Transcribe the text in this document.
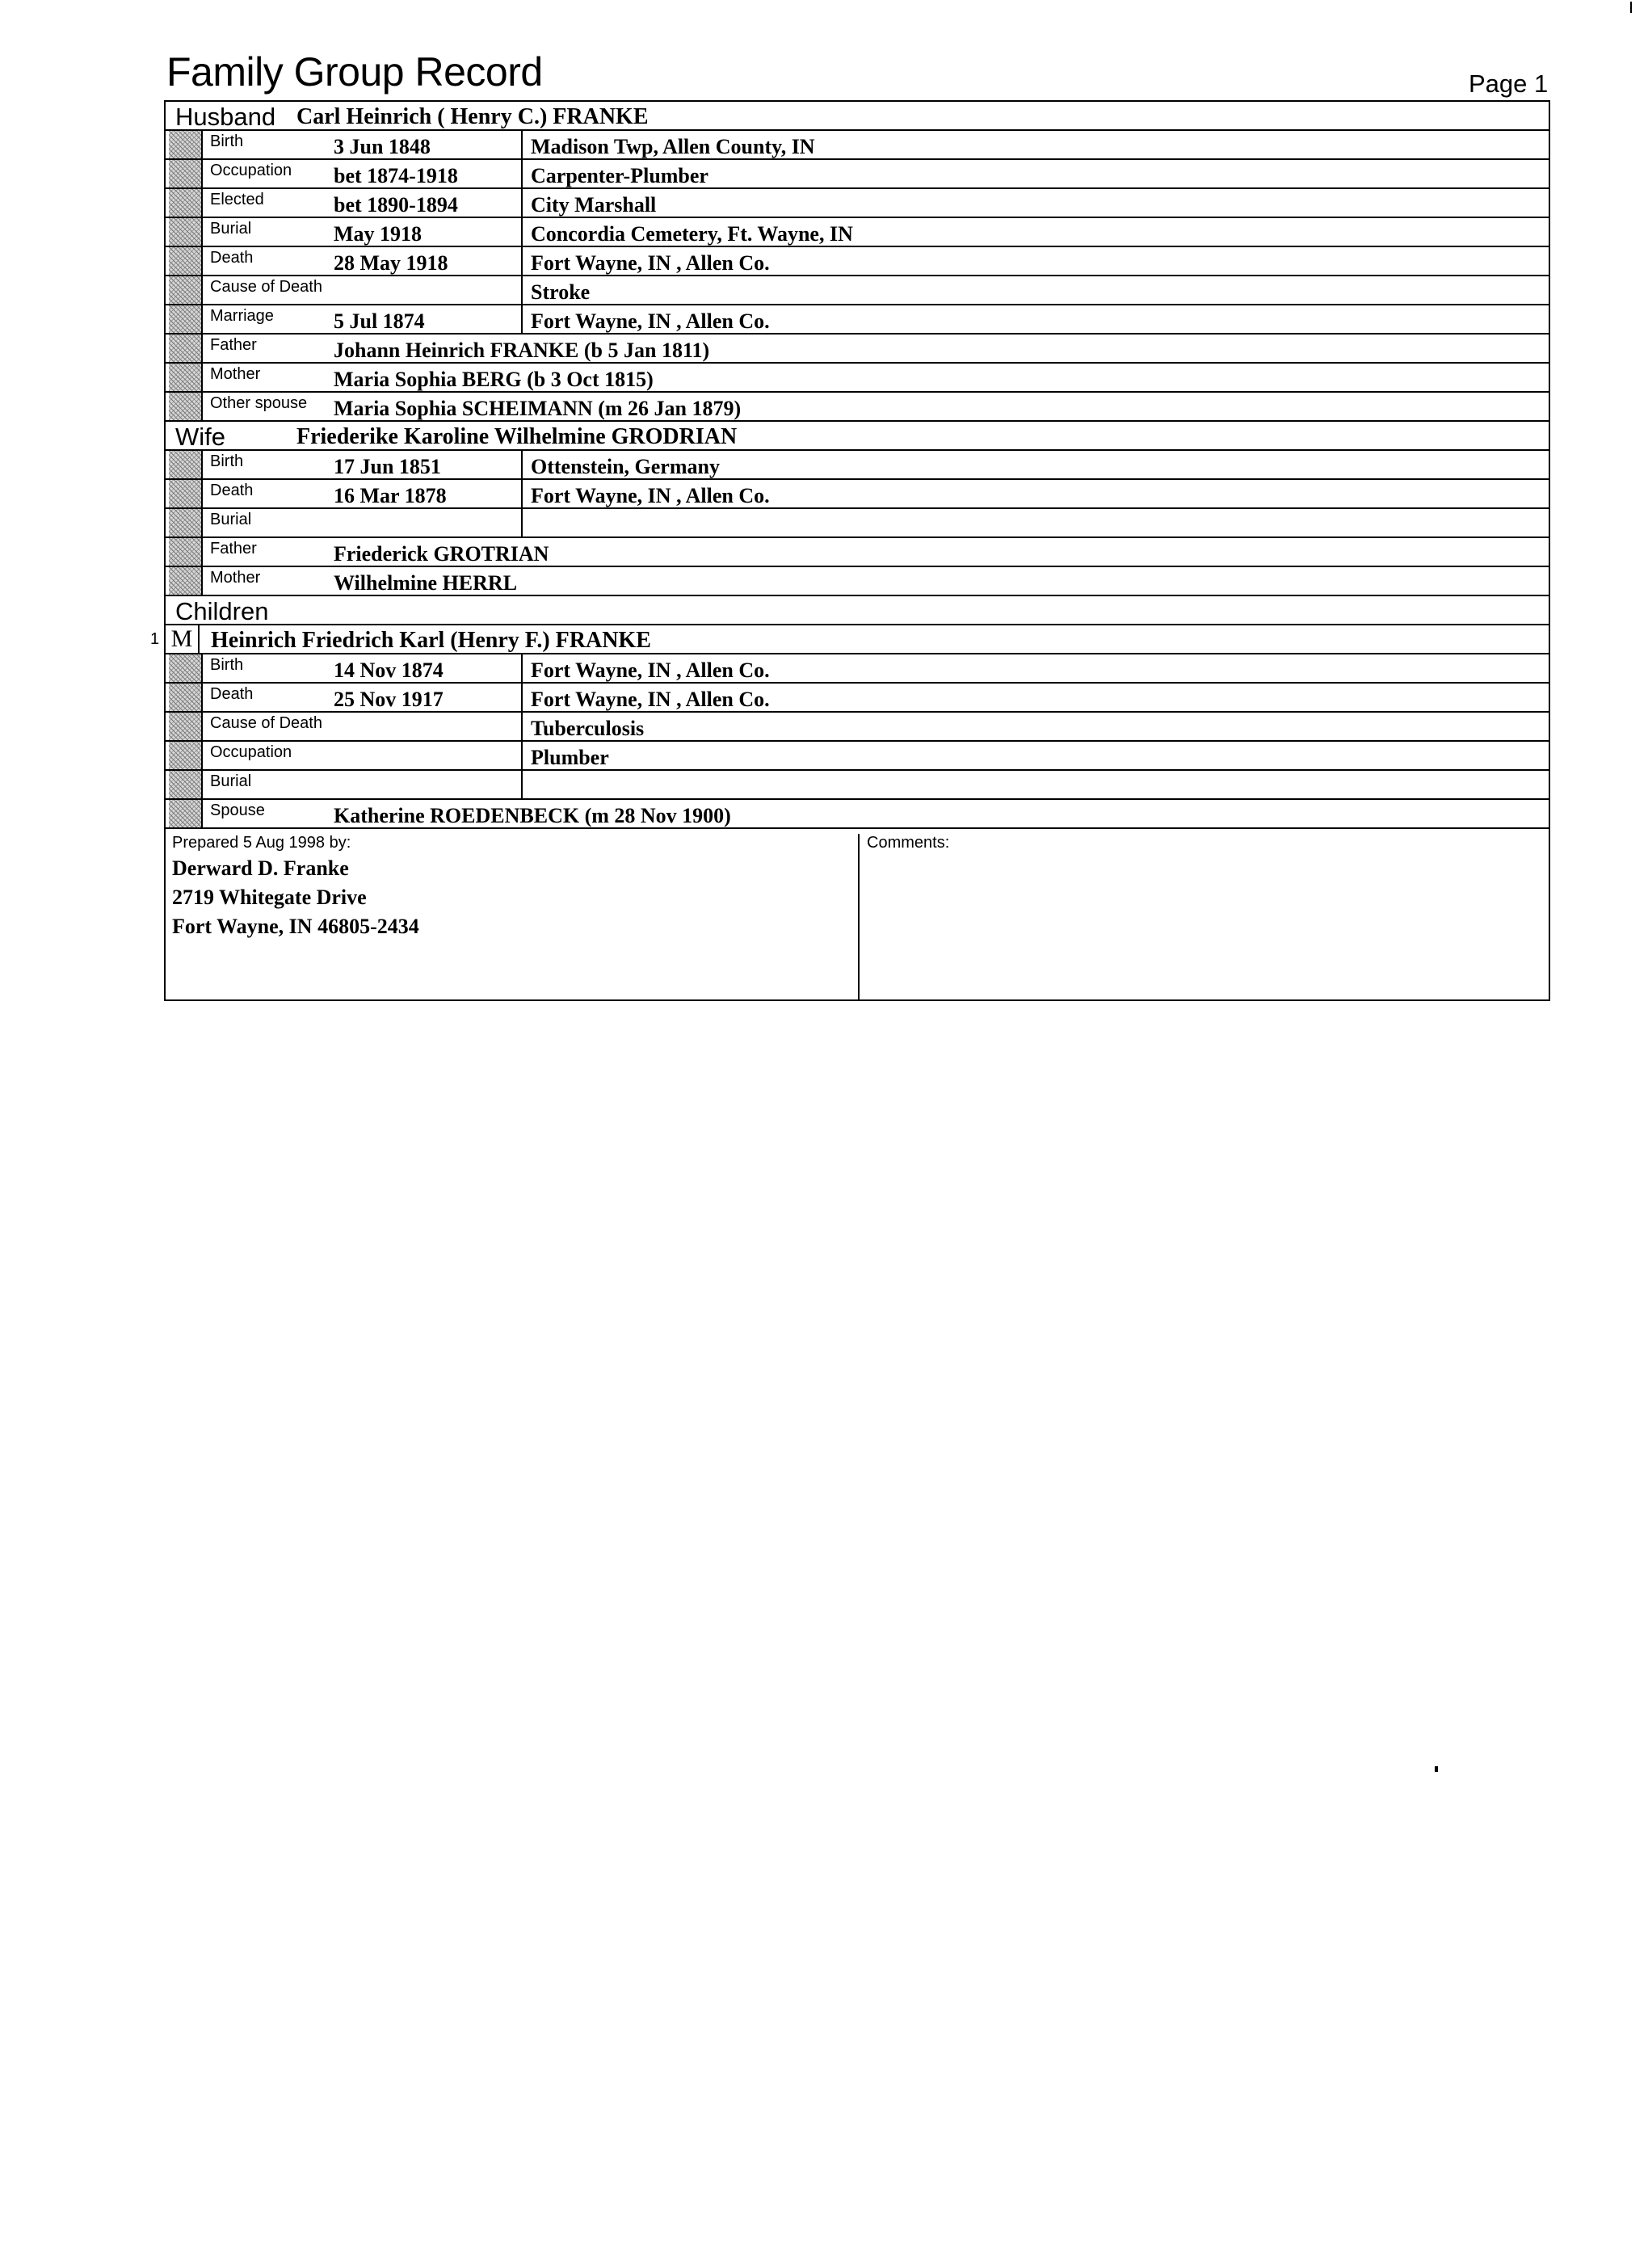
Family Group Record	Page 1
Husband Carl Heinrich ( Henry C.) FRANKE
Birth	3 Jun 1848	Madison Twp, Allen County, IN
Occupation bet 1874-1918	Carpenter-Plumber
Elected	bet 1890-1894	City Marshall
Burial	May 1918	Concordia Cemetery, Ft. Wayne, IN
Death	28 May 1918	Fort Wayne, IN , Allen Co.
Cause of Death	Stroke
Marriage	5 Jul 1874	Fort Wayne, IN , Allen Co.
Father	Johann Heinrich FRANKE (b 5 Jan 1811)
Mother	Maria Sophia BERG (b 3 Oct 1815)
Other spouse Maria Sophia SCHEIMANN (m 26 Jan 1879)
Wife	Friederike Karoline Wilhelmine GRODRIAN
Birth	17 Jun 1851	Ottenstein, Germany
Death	16 Mar 1878	Fort Wayne, IN , Allen Co.
Burial
Father	Friederick GROTRIAN
Mother	Wilhelmine HERRL
Children
1 M Heinrich Friedrich Karl (Henry F.) FRANKE
Birth	14 Nov 1874	Fort Wayne, IN , Allen Co.
Death	25 Nov 1917	Fort Wayne, IN , Allen Co.
Cause of Death	Tuberculosis
Occupation	Plumber
Burial
Spouse	Katherine ROEDENBECK (m 28 Nov 1900)
Prepared 5 Aug 1998 by:
Derward D. Franke
2719 Whitegate Drive
Fort Wayne, IN 46805-2434
Comments:
